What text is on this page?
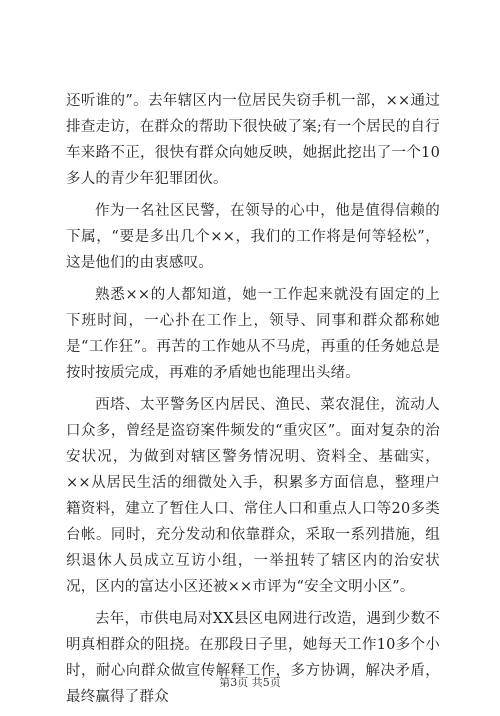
还听谁的”。去年辖区内一位居民失窃手机一部，××通过排查走访，在群众的帮助下很快破了案;有一个居民的自行车来路不正，很快有群众向她反映，她据此挖出了一个10多人的青少年犯罪团伙。

作为一名社区民警，在领导的心中，他是值得信赖的下属，“要是多出几个××，我们的工作将是何等轻松”，这是他们的由衷感叹。

熟悉××的人都知道，她一工作起来就没有固定的上下班时间，一心扑在工作上，领导、同事和群众都称她是“工作狂”。再苦的工作她从不马虎，再重的任务她总是按时按质完成，再难的矛盾她也能理出头绪。

西塔、太平警务区内居民、渔民、菜农混住，流动人口众多，曾经是盗窃案件频发的“重灾区”。面对复杂的治安状况，为做到对辖区警务情况明、资料全、基础实，××从居民生活的细微处入手，积累多方面信息，整理户籍资料，建立了暂住人口、常住人口和重点人口等20多类台帐。同时，充分发动和依靠群众，采取一系列措施，组织退休人员成立互访小组，一举扭转了辖区内的治安状况，区内的富达小区还被××市评为“安全文明小区”。

去年，市供电局对XX县区电网进行改造，遇到少数不明真相群众的阻挠。在那段日子里，她每天工作10多个小时，耐心向群众做宣传解释工作，多方协调，解决矛盾，最终赢得了群众

第3页 共5页
